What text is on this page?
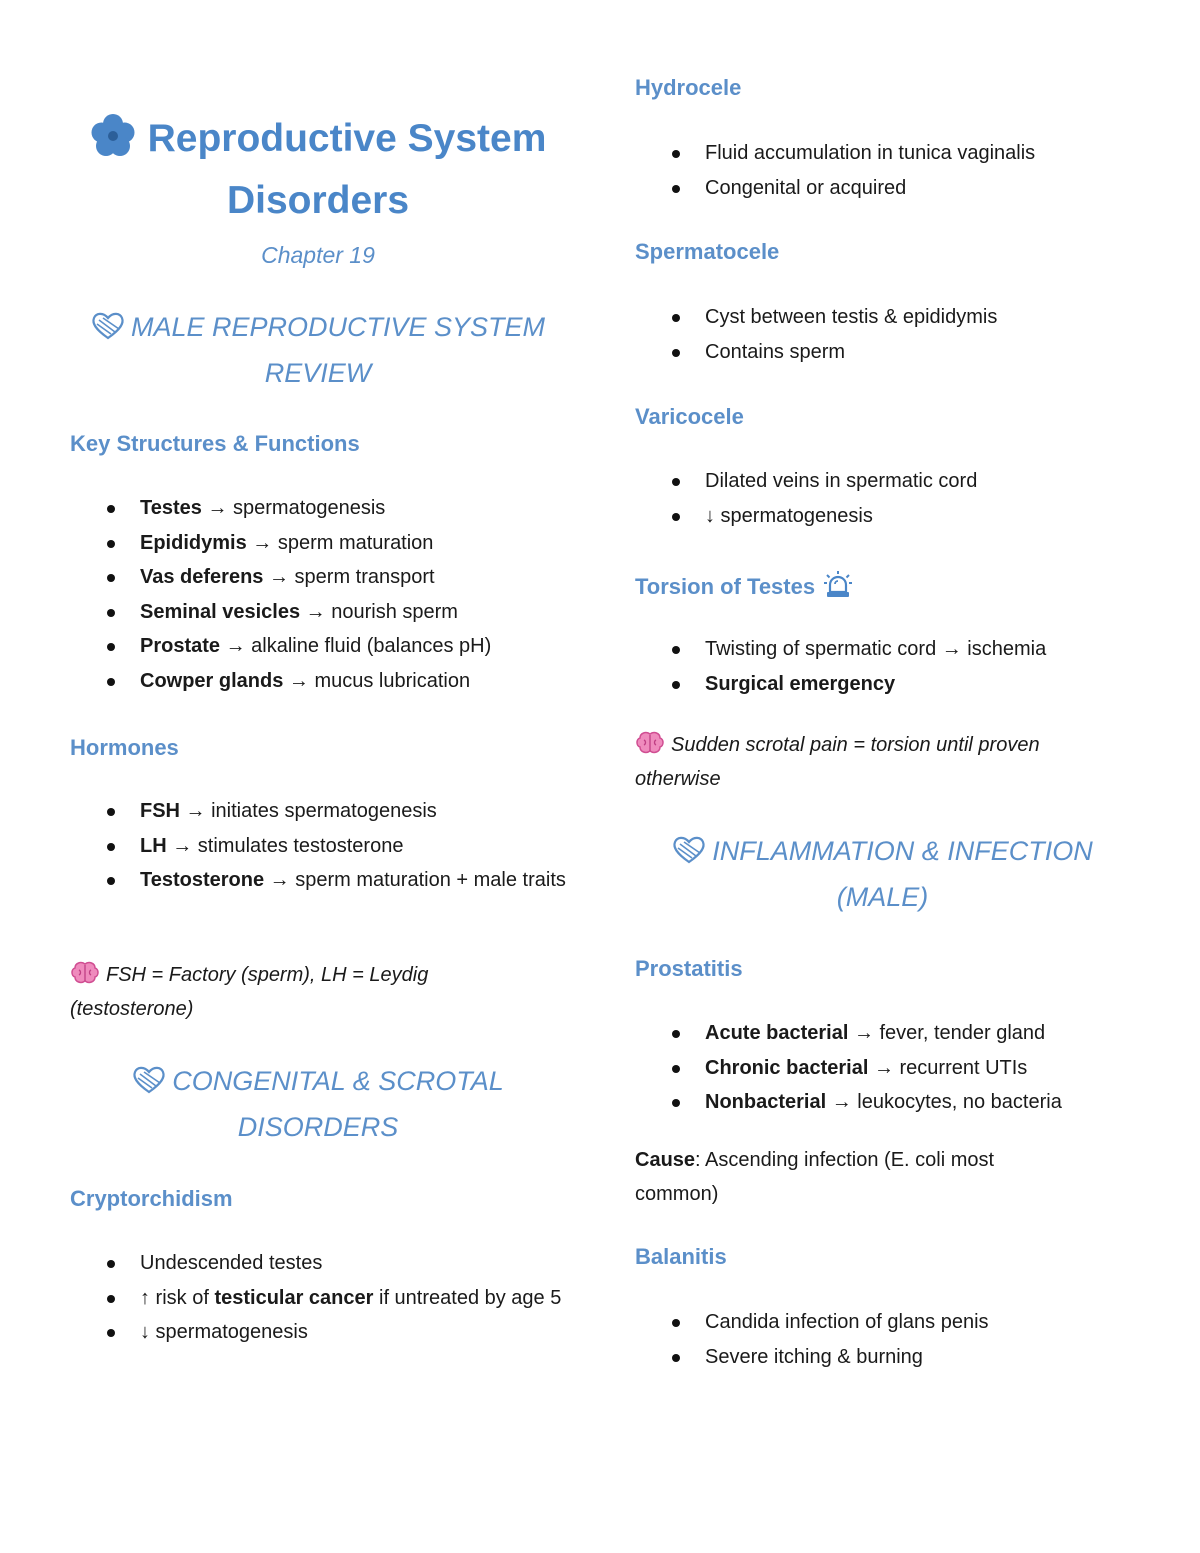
Reproductive System
Disorders
Chapter 19
MALE REPRODUCTIVE SYSTEM
REVIEW
Key Structures & Functions
Testes → spermatogenesis
Epididymis → sperm maturation
Vas deferens → sperm transport
Seminal vesicles → nourish sperm
Prostate → alkaline fluid (balances pH)
Cowper glands → mucus lubrication
Hormones
FSH → initiates spermatogenesis
LH → stimulates testosterone
Testosterone → sperm maturation + male traits

FSH = Factory (sperm), LH = Leydig (testosterone)

CONGENITAL & SCROTAL
DISORDERS
Cryptorchidism
Undescended testes
↑ risk of testicular cancer if untreated by age 5
↓ spermatogenesis
Hydrocele
Fluid accumulation in tunica vaginalis
Congenital or acquired
Spermatocele
Cyst between testis & epididymis
Contains sperm
Varicocele
Dilated veins in spermatic cord
↓ spermatogenesis
Torsion of Testes
Twisting of spermatic cord → ischemia
Surgical emergency

Sudden scrotal pain = torsion until proven otherwise

INFLAMMATION & INFECTION
(MALE)
Prostatitis
Acute bacterial → fever, tender gland
Chronic bacterial → recurrent UTIs
Nonbacterial → leukocytes, no bacteria

Cause: Ascending infection (E. coli most common)

Balanitis
Candida infection of glans penis
Severe itching & burning
